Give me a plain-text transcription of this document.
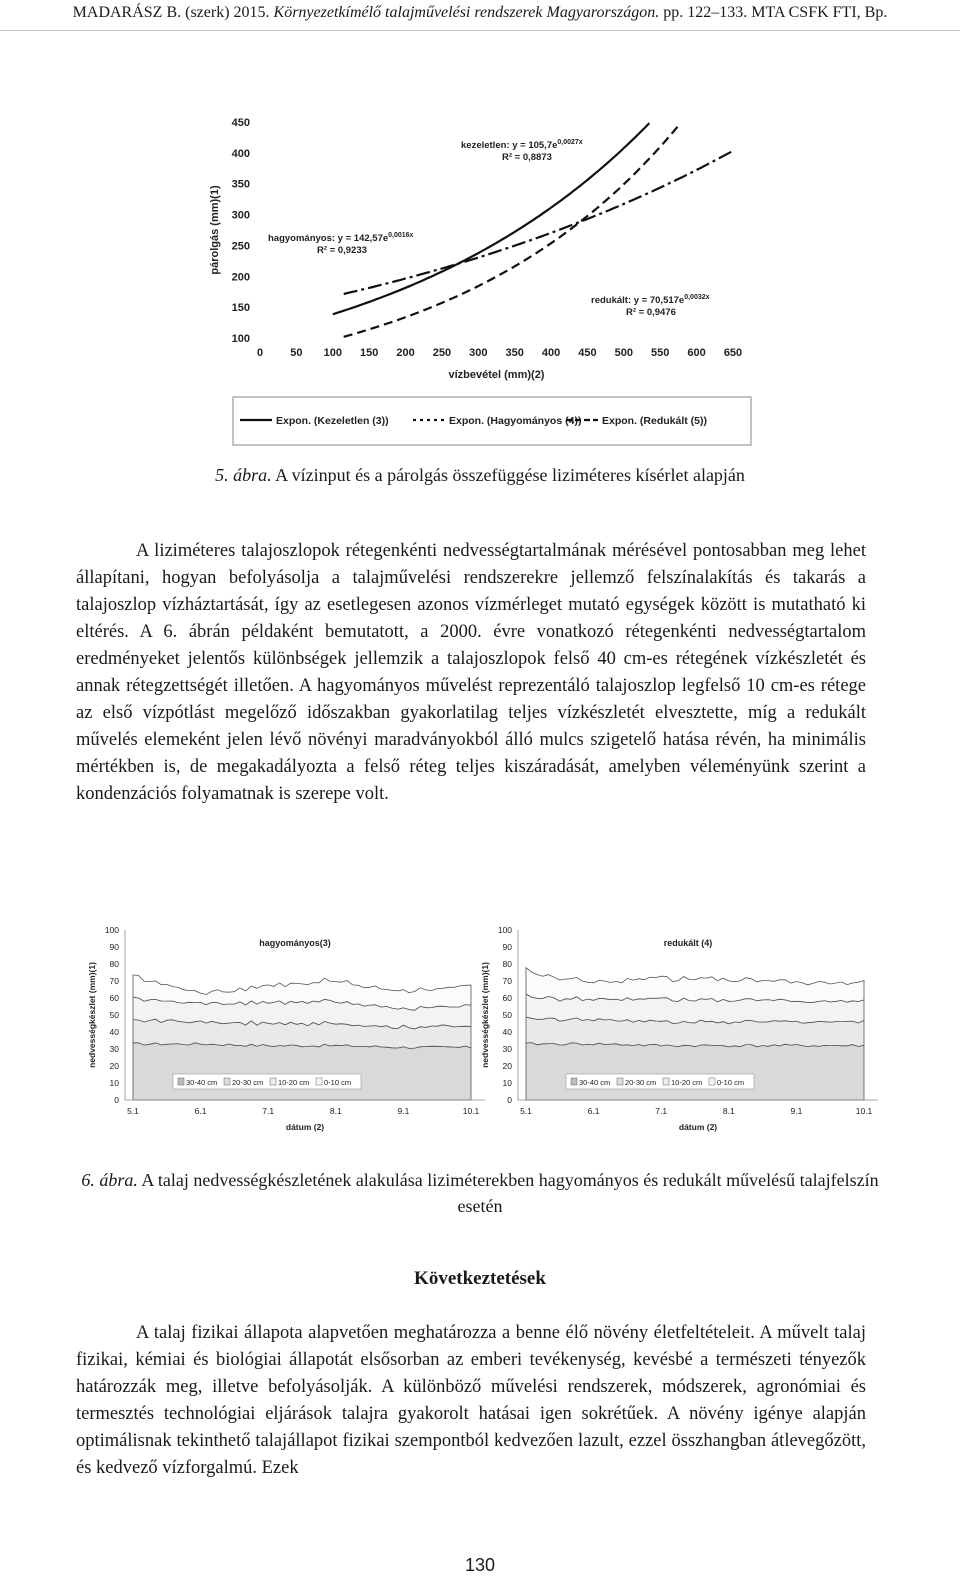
MADARÁSZ B. (szerk) 2015. Környezetkímélő talajművelési rendszerek Magyarországon. pp. 122–133. MTA CSFK FTI, Bp.
100
150
200
250
300
350
400
450
0 50 100 150 200 250 300 350 400 450 500 550 600 650
párolgás (mm)(1)
vízbevétel (mm)(2)
kezeletlen: $y = 105,7e^{0,0027x}$
R² = 0,8873
hagyományos: $y = 142,57e^{0,0016x}$
R² = 0,9233
redukált: $y = 70,517e^{0,0032x}$
R² = 0,9476
Expon. (Kezeletlen (3))	Expon. (Hagyományos (4)) Expon. (Redukált (5))
5. ábra. A vízinput és a párolgás összefüggése liziméteres kísérlet alapján

A liziméteres talajoszlopok rétegenkénti nedvességtartalmának mérésével pontosabban meg lehet állapítani, hogyan befolyásolja a talajművelési rendszerekre jellemző felszínalakítás és takarás a talajoszlop vízháztartását, így az esetlegesen azonos vízmérleget mutató egységek között is mutatható ki eltérés. A 6. ábrán példaként bemutatott, a 2000. évre vonatkozó rétegenkénti nedvességtartalom eredményeket jelentős különbségek jellemzik a talajoszlopok felső 40 cm-es rétegének vízkészletét és annak rétegzettségét illetően. A hagyományos művelést reprezentáló talajoszlop legfelső 10 cm-es rétege az első vízpótlást megelőző időszakban gyakorlatilag teljes vízkészletét elvesztette, míg a redukált művelés elemeként jelen lévő növényi maradványokból álló mulcs szigetelő hatása révén, ha minimális mértékben is, de megakadályozta a felső réteg teljes kiszáradását, amelyben véleményünk szerint a kondenzációs folyamatnak is szerepe volt.

0
10
20
30
40
50
60
70
80
90
100
5.1	6.1	7.1	8.1	9.1	10.1
nedvességkészlet (mm)(1)
dátum (2)
hagyományos(3)
30-40 cm 20-30 cm 10-20 cm 0-10 cm
0
10
20
30
40
50
60
70
80
90
100
5.1	6.1	7.1	8.1	9.1	10.1
nedvességkészlet (mm)(1)
dátum (2)
redukált (4)
30-40 cm 20-30 cm 10-20 cm 0-10 cm
6. ábra. A talaj nedvességkészletének alakulása liziméterekben hagyományos és redukált művelésű talajfelszín esetén
Következtetések

A talaj fizikai állapota alapvetően meghatározza a benne élő növény életfeltételeit. A művelt talaj fizikai, kémiai és biológiai állapotát elsősorban az emberi tevékenység, kevésbé a természeti tényezők határozzák meg, illetve befolyásolják. A különböző művelési rendszerek, módszerek, agronómiai és termesztés technológiai eljárások talajra gyakorolt hatásai igen sokrétűek. A növény igénye alapján optimálisnak tekinthető talajállapot fizikai szempontból kedvezően lazult, ezzel összhangban átlevegőzött, és kedvező vízforgalmú. Ezek

130
